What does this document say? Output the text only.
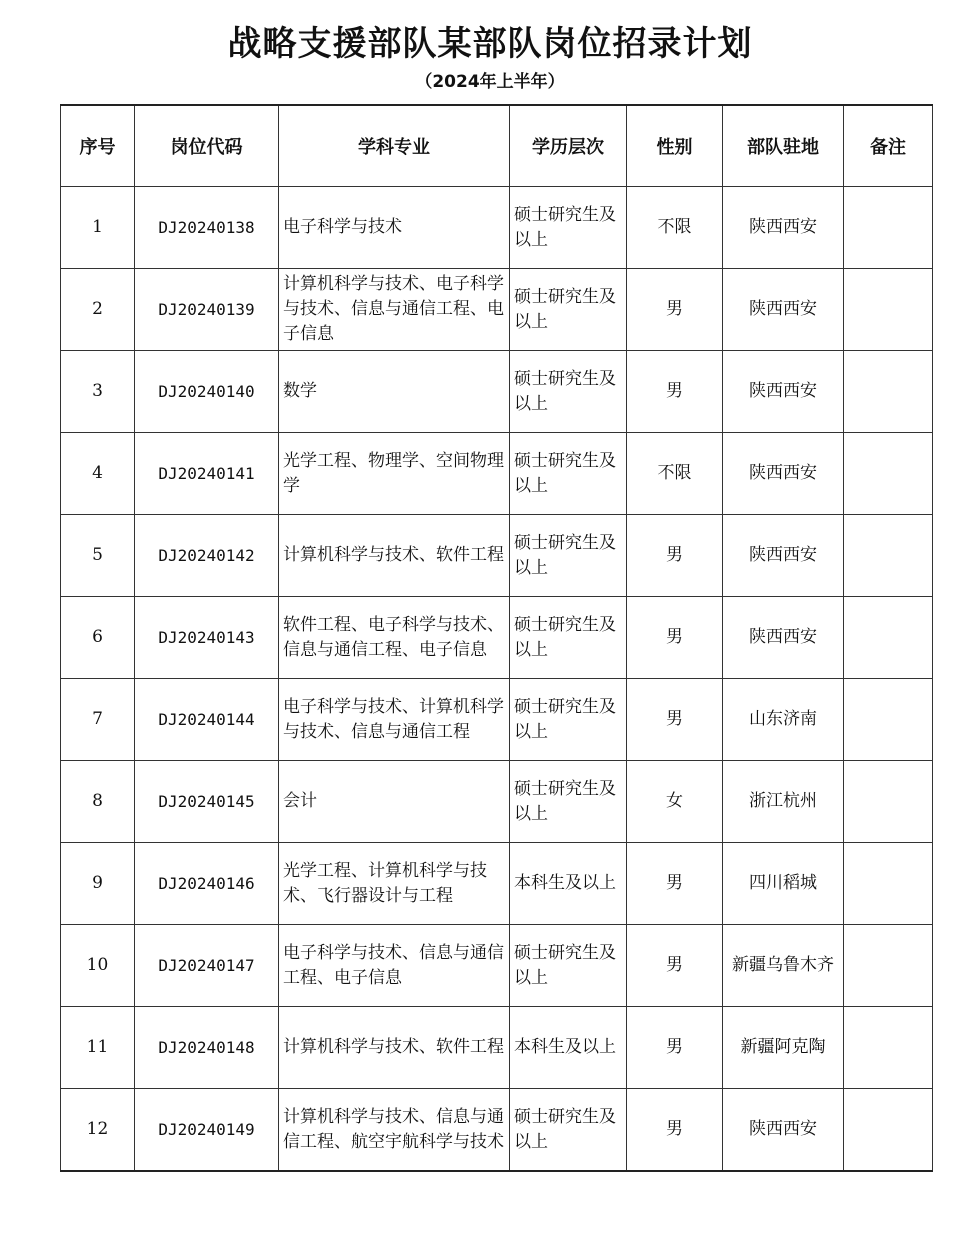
战略支援部队某部队岗位招录计划
（2024年上半年）
序号	岗位代码	学科专业	学历层次	性别	部队驻地	备注
1	DJ20240138	电子科学与技术	硕士研究生及以上	不限	陕西西安	
2	DJ20240139	计算机科学与技术、电子科学与技术、信息与通信工程、电子信息	硕士研究生及以上	男	陕西西安	
3	DJ20240140	数学	硕士研究生及以上	男	陕西西安	
4	DJ20240141	光学工程、物理学、空间物理学	硕士研究生及以上	不限	陕西西安	
5	DJ20240142	计算机科学与技术、软件工程	硕士研究生及以上	男	陕西西安	
6	DJ20240143	软件工程、电子科学与技术、信息与通信工程、电子信息	硕士研究生及以上	男	陕西西安	
7	DJ20240144	电子科学与技术、计算机科学与技术、信息与通信工程	硕士研究生及以上	男	山东济南	
8	DJ20240145	会计	硕士研究生及以上	女	浙江杭州	
9	DJ20240146	光学工程、计算机科学与技术、飞行器设计与工程	本科生及以上	男	四川稻城	
10	DJ20240147	电子科学与技术、信息与通信工程、电子信息	硕士研究生及以上	男	新疆乌鲁木齐	
11	DJ20240148	计算机科学与技术、软件工程	本科生及以上	男	新疆阿克陶	
12	DJ20240149	计算机科学与技术、信息与通信工程、航空宇航科学与技术	硕士研究生及以上	男	陕西西安	
